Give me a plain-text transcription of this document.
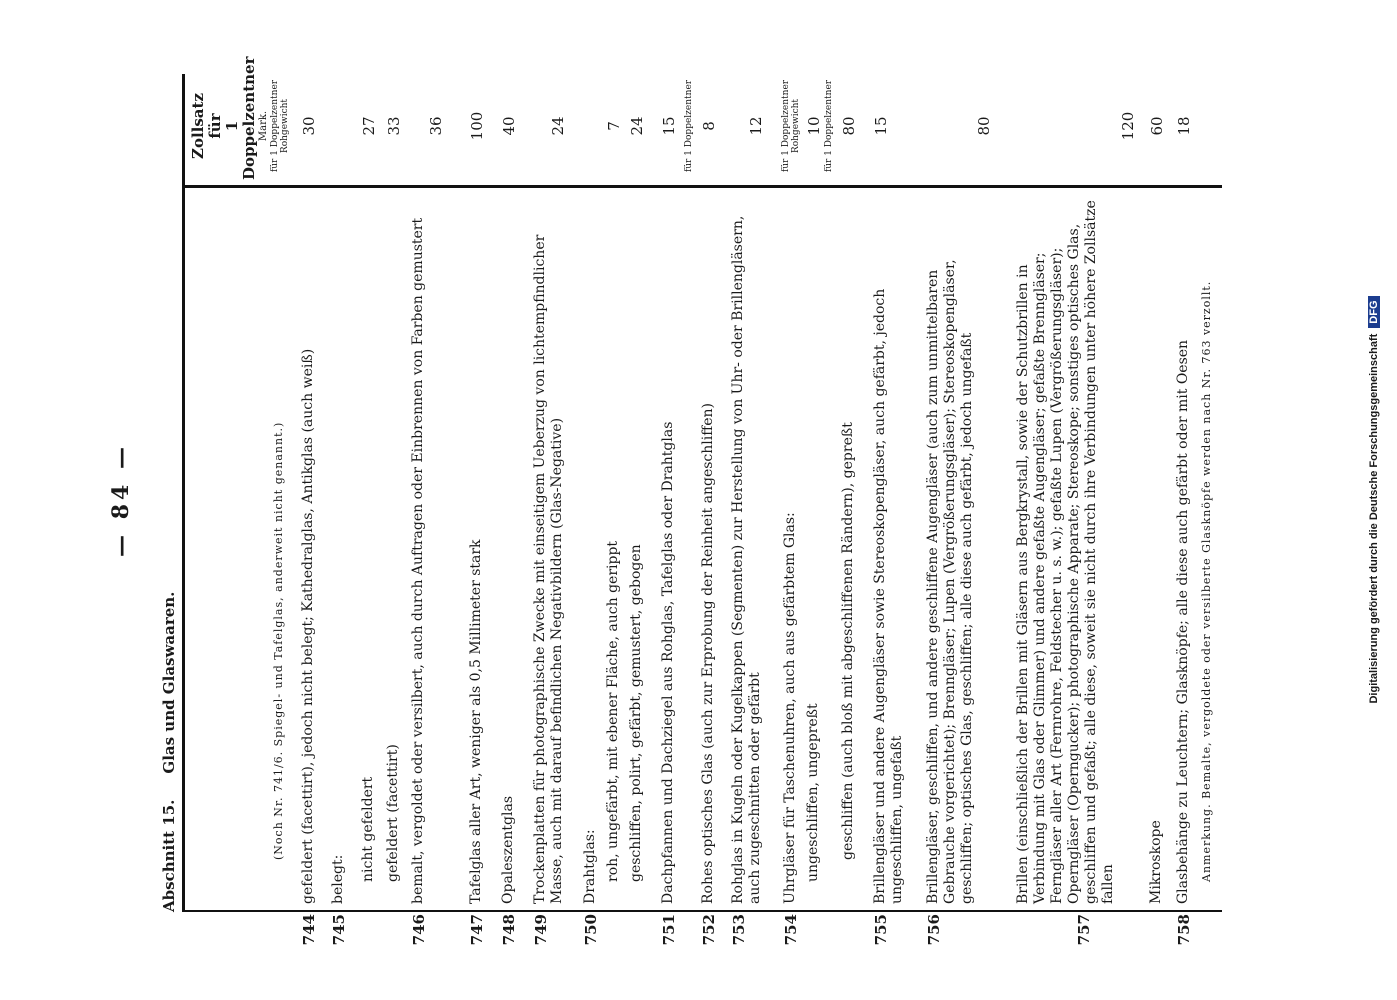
— 84 —
Abschnitt 15.Glas und Glaswaaren.
Zollsatz für 1 Doppelzentner Mark.
(Noch Nr. 741/6. Spiegel- und Tafelglas, anderweit nicht genannt.)
744
gefeldert (facettirt), jedoch nicht belegt; Kathedralglas, Antikglas (auch weiß)
für 1 Doppelzentner Rohgewicht 30
745
belegt: nicht gefeldert
27
gefeldert (facettirt)
33
746
bemalt, vergoldet oder versilbert, auch durch Auftragen oder Einbrennen von Farben gemustert
36
747
Tafelglas aller Art, weniger als 0,5 Millimeter stark
100
748
Opaleszentglas
40
749
Trockenplatten für photographische Zwecke mit einseitigem Ueberzug von lichtempfindlicher Masse, auch mit darauf befindlichen Negativbildern (Glas-Negative)
24
750
Drahtglas: roh, ungefärbt, mit ebener Fläche, auch gerippt
7
geschliffen, polirt, gefärbt, gemustert, gebogen
24
751
Dachpfannen und Dachziegel aus Rohglas, Tafelglas oder Drahtglas
15
752
Rohes optisches Glas (auch zur Erprobung der Reinheit angeschliffen)
für 1 Doppelzentner 8
753
Rohglas in Kugeln oder Kugelkappen (Segmenten) zur Herstellung von Uhr- oder Brillengläsern, auch zugeschnitten oder gefärbt
12
754
Uhrgläser für Taschenuhren, auch aus gefärbtem Glas: ungeschliffen, ungepreßt
für 1 Doppelzentner Rohgewicht 10
geschliffen (auch bloß mit abgeschliffenen Rändern), gepreßt
für 1 Doppelzentner 80
755
Brillengläser und andere Augengläser sowie Stereoskopengläser, auch gefärbt, jedoch ungeschliffen, ungefaßt
15
756
Brillengläser, geschliffen, und andere geschliffene Augengläser (auch zum unmittelbaren Gebrauche vorgerichtet); Brenngläser; Lupen (Vergrößerungsgläser); Stereoskopengläser, geschliffen; optisches Glas, geschliffen; alle diese auch gefärbt, jedoch ungefaßt
80
757
Brillen (einschließlich der Brillen mit Gläsern aus Bergkrystall, sowie der Schutzbrillen in Verbindung mit Glas oder Glimmer) und andere gefaßte Augengläser; gefaßte Brenngläser; Ferngläser aller Art (Fernrohre, Feldstecher u. s. w.); gefaßte Lupen (Vergrößerungsgläser); Operngläser (Operngucker); photographische Apparate; Stereoskope; sonstiges optisches Glas, geschliffen und gefaßt; alle diese, soweit sie nicht durch ihre Verbindungen unter höhere Zollsätze fallen
120
Mikroskope
60
758
Glasbehänge zu Leuchtern; Glasknöpfe; alle diese auch gefärbt oder mit Oesen
18
Anmerkung. Bemalte, vergoldete oder versilberte Glasknöpfe werden nach Nr. 763 verzollt.	Digitalisierung gefördert durch die Deutsche ForschungsgemeinschaftDFG
